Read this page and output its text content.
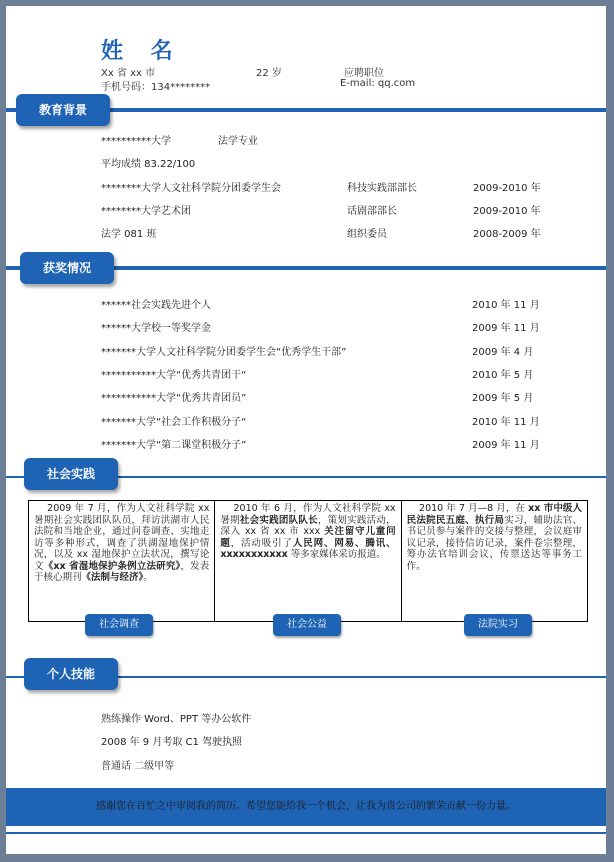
姓 名
Xx 省 xx 市	22 岁	应聘职位
手机号码：134********	E-mail: qq.com
教育背景
**********大学	法学专业
平均成绩 83.22/100
********大学人文社科学院分团委学生会	科技实践部部长	2009-2010 年
********大学艺术团	话剧部部长	2009-2010 年
法学 081 班	组织委员	2008-2009 年
获奖情况
******社会实践先进个人	2010 年 11 月
******大学校一等奖学金	2009 年 11 月
*******大学人文社科学院分团委学生会“优秀学生干部”	2009 年 4 月
***********大学“优秀共青团干“	2010 年 5 月
***********大学“优秀共青团员”	2009 年 5 月
*******大学“社会工作积极分子“	2010 年 11 月
*******大学“第二课堂积极分子”	2009 年 11 月
社会实践
2009 年 7 月，作为人文社科学院 xx 暑期社会实践团队队员，拜访洪湖市人民法院和当地企业，通过问卷调查、实地走访等多种形式，调查了洪湖湿地保护情况，以及 xx 湿地保护立法状况，撰写论文《xx 省湿地保护条例立法研究》，发表于核心期刊《法制与经济》。
2010 年 6 月，作为人文社科学院 xx 暑期社会实践团队队长，策划实践活动，深入 xx 省 xx 市 xxx 关注留守儿童问题，活动吸引了人民网、网易、腾讯、xxxxxxxxxxx 等多家媒体采访报道。
2010 年 7 月—8 月，在 xx 市中级人民法院民五庭、执行局实习，辅助法官、书记员参与案件的交接与整理，会议庭审议记录，接待信访记录，案件卷宗整理，筹办法官培训会议，传票送达等事务工作。
社会调查	社会公益	法院实习
个人技能
熟练操作 Word、PPT 等办公软件
2008 年 9 月考取 C1 驾驶执照
普通话 二级甲等
感谢您在百忙之中审阅我的简历。希望您能给我一个机会，让我为贵公司的繁荣贡献一份力量。
